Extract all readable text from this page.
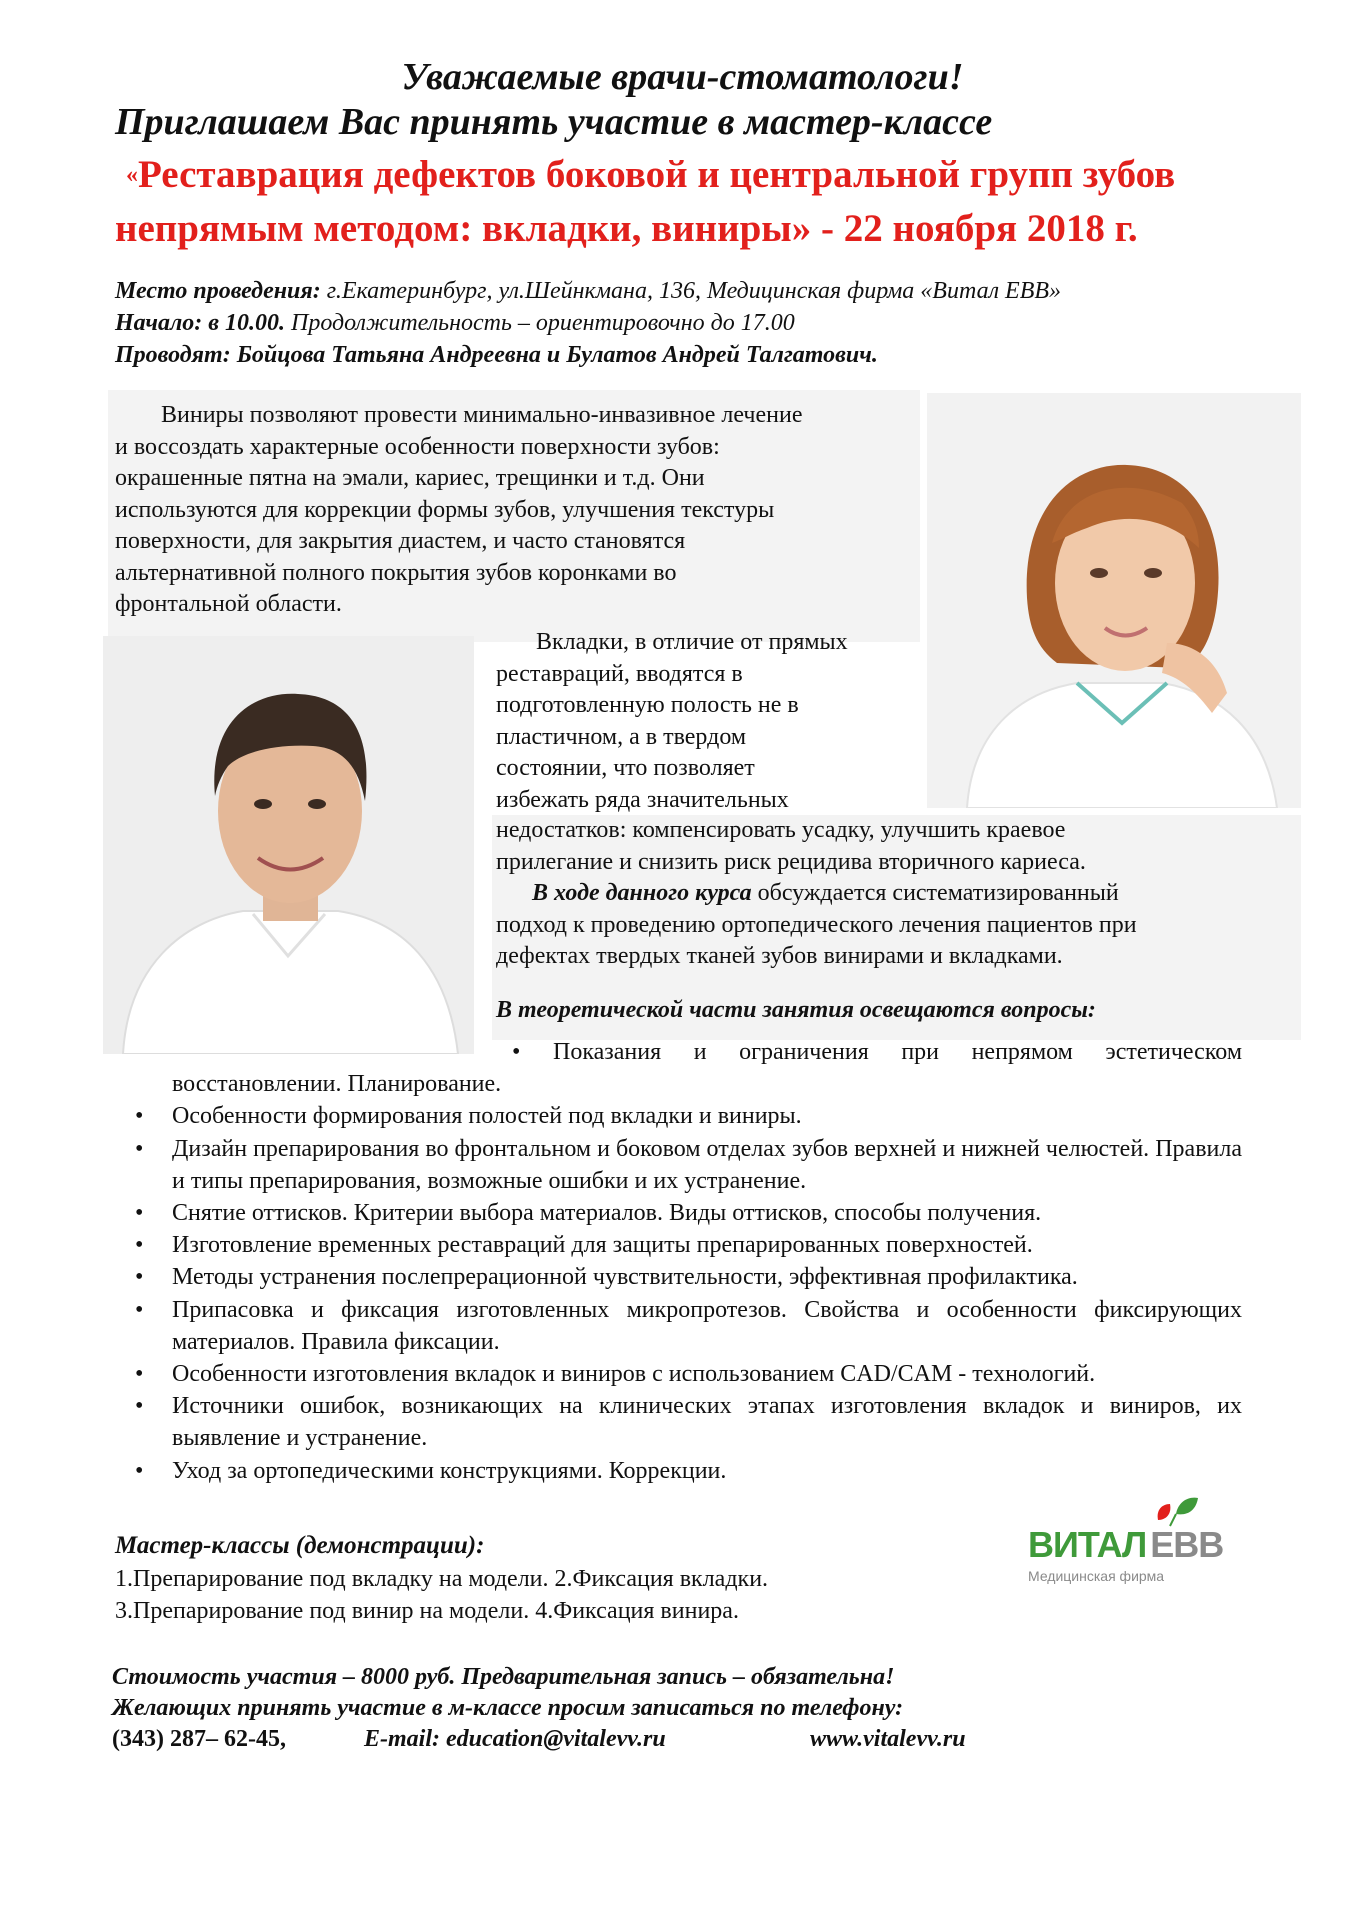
Уважаемые врачи-стоматологи!
Приглашаем Вас принять участие в мастер-классе
«Реставрация дефектов боковой и центральной групп зубов
непрямым методом: вкладки, виниры» - 22 ноября 2018 г.
Место проведения: г.Екатеринбург, ул.Шейнкмана, 136, Медицинская фирма «Витал ЕВВ»
Начало: в 10.00. Продолжительность – ориентировочно до 17.00
Проводят: Бойцова Татьяна Андреевна и Булатов Андрей Талгатович.
Виниры позволяют провести минимально-инвазивное лечение
и воссоздать характерные особенности поверхности зубов:
окрашенные пятна на эмали, кариес, трещинки и т.д. Они
используются для коррекции формы зубов, улучшения текстуры
поверхности, для закрытия диастем, и часто становятся
альтернативной полного покрытия зубов коронками во
фронтальной области.
Вкладки, в отличие от прямых
реставраций, вводятся в
подготовленную полость не в
пластичном, а в твердом
состоянии, что позволяет
избежать ряда значительных
недостатков: компенсировать усадку, улучшить краевое
прилегание и снизить риск рецидива вторичного кариеса.
В ходе данного курса обсуждается систематизированный
подход к проведению ортопедического лечения пациентов при
дефектах твердых тканей зубов винирами и вкладками.
В теоретической части занятия освещаются вопросы:
• Показания и ограничения при непрямом эстетическом
восстановлении. Планирование.
• Особенности формирования полостей под вкладки и виниры.
• Дизайн препарирования во фронтальном и боковом отделах зубов верхней и нижней челюстей. Правила и типы препарирования, возможные ошибки и их устранение.
• Снятие оттисков. Критерии выбора материалов. Виды оттисков, способы получения.
• Изготовление временных реставраций для защиты препарированных поверхностей.
• Методы устранения послепрерационной чувствительности, эффективная профилактика.
• Припасовка и фиксация изготовленных микропротезов. Свойства и особенности фиксирующих материалов. Правила фиксации.
• Особенности изготовления вкладок и виниров с использованием CAD/CAM - технологий.
• Источники ошибок, возникающих на клинических этапах изготовления вкладок и виниров, их выявление и устранение.
• Уход за ортопедическими конструкциями. Коррекции.
Мастер-классы (демонстрации):
1.Препарирование под вкладку на модели. 2.Фиксация вкладки.
3.Препарирование под винир на модели. 4.Фиксация винира.
ВИТАЛ ЕВВ
Медицинская фирма
Стоимость участия – 8000 руб. Предварительная запись – обязательна!
Желающих принять участие в м-классе просим записаться по телефону:
(343) 287– 62-45,	E-mail: education@vitalevv.ru	www.vitalevv.ru
